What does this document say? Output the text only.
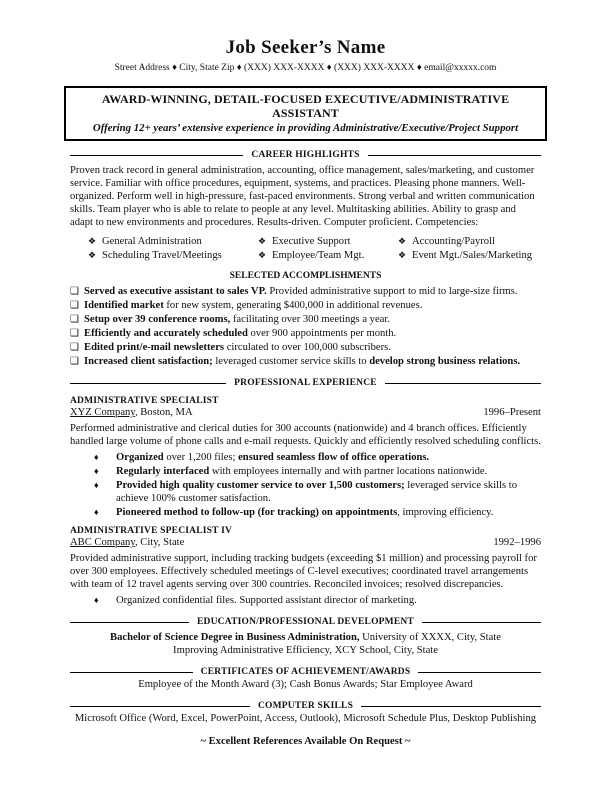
Job Seeker’s Name
Street Address ♦ City, State Zip ♦ (XXX) XXX-XXXX ♦ (XXX) XXX-XXXX ♦ email@xxxxx.com
AWARD-WINNING, DETAIL-FOCUSED EXECUTIVE/ADMINISTRATIVE ASSISTANT
Offering 12+ years’ extensive experience in providing Administrative/Executive/Project Support
CAREER HIGHLIGHTS
Proven track record in general administration, accounting, office management, sales/marketing, and customer service. Familiar with office procedures, equipment, systems, and practices. Pleasing phone manners. Well-organized. Perform well in high-pressure, fast-paced environments. Strong verbal and written communication skills. Team player who is able to relate to people at any level. Multitasking abilities. Ability to grasp and adapt to new environments and procedures. Results-driven. Computer proficient. Competencies:
❖ General Administration	❖ Executive Support	❖ Accounting/Payroll
❖ Scheduling Travel/Meetings	❖ Employee/Team Mgt.	❖ Event Mgt./Sales/Marketing
SELECTED ACCOMPLISHMENTS
❑ Served as executive assistant to sales VP. Provided administrative support to mid to large-size firms.
❑ Identified market for new system, generating $400,000 in additional revenues.
❑ Setup over 39 conference rooms, facilitating over 300 meetings a year.
❑ Efficiently and accurately scheduled over 900 appointments per month.
❑ Edited print/e-mail newsletters circulated to over 100,000 subscribers.
❑ Increased client satisfaction; leveraged customer service skills to develop strong business relations.
PROFESSIONAL EXPERIENCE
ADMINISTRATIVE SPECIALIST
XYZ Company, Boston, MA	1996–Present
Performed administrative and clerical duties for 300 accounts (nationwide) and 4 branch offices. Efficiently handled large volume of phone calls and e-mail requests. Quickly and efficiently resolved scheduling conflicts.
♦	Organized over 1,200 files; ensured seamless flow of office operations.
♦	Regularly interfaced with employees internally and with partner locations nationwide.
♦	Provided high quality customer service to over 1,500 customers; leveraged service skills to achieve 100% customer satisfaction.
♦	Pioneered method to follow-up (for tracking) on appointments, improving efficiency.
ADMINISTRATIVE SPECIALIST IV
ABC Company, City, State	1992–1996
Provided administrative support, including tracking budgets (exceeding $1 million) and processing payroll for over 300 employees. Effectively scheduled meetings of C-level executives; coordinated travel arrangements with team of 12 travel agents serving over 300 countries. Reconciled invoices; resolved discrepancies.
♦	Organized confidential files. Supported assistant director of marketing.
EDUCATION/PROFESSIONAL DEVELOPMENT
Bachelor of Science Degree in Business Administration, University of XXXX, City, State
Improving Administrative Efficiency, XCY School, City, State
CERTIFICATES OF ACHIEVEMENT/AWARDS
Employee of the Month Award (3); Cash Bonus Awards; Star Employee Award
COMPUTER SKILLS
Microsoft Office (Word, Excel, PowerPoint, Access, Outlook), Microsoft Schedule Plus, Desktop Publishing
~ Excellent References Available On Request ~
